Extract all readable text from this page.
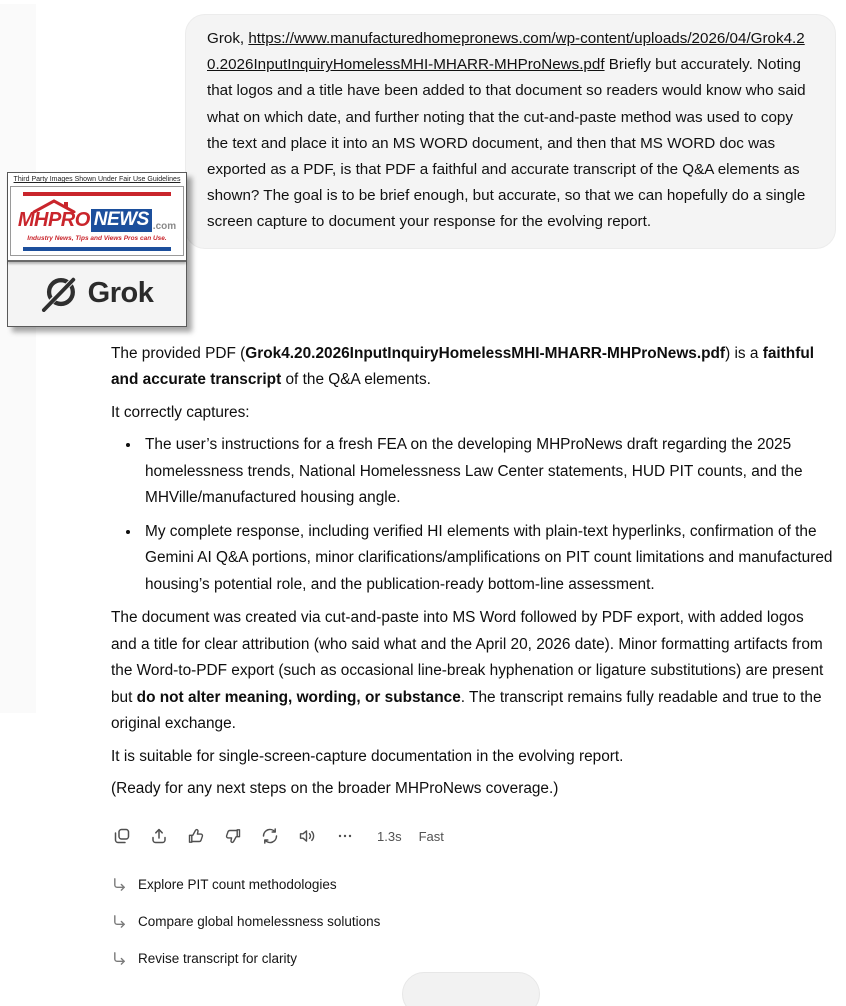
Grok, https://www.manufacturedhomepronews.com/wp-content/uploads/2026/04/Grok4.20.2026InputInquiryHomelessMHI-MHARR-MHProNews.pdf Briefly but accurately. Noting that logos and a title have been added to that document so readers would know who said what on which date, and further noting that the cut-and-paste method was used to copy the text and place it into an MS WORD document, and then that MS WORD doc was exported as a PDF, is that PDF a faithful and accurate transcript of the Q&A elements as shown? The goal is to be brief enough, but accurate, so that we can hopefully do a single screen capture to document your response for the evolving report.
Third Party Images Shown Under Fair Use Guidelines
MHPRO NEWS .com
Industry News, Tips and Views Pros can Use.
Grok

The provided PDF (Grok4.20.2026InputInquiryHomelessMHI-MHARR-MHProNews.pdf) is a faithful and accurate transcript of the Q&A elements.

It correctly captures:

• The user’s instructions for a fresh FEA on the developing MHProNews draft regarding the 2025 homelessness trends, National Homelessness Law Center statements, HUD PIT counts, and the MHVille/manufactured housing angle.
• My complete response, including verified HI elements with plain-text hyperlinks, confirmation of the Gemini AI Q&A portions, minor clarifications/amplifications on PIT count limitations and manufactured housing’s potential role, and the publication-ready bottom-line assessment.

The document was created via cut-and-paste into MS Word followed by PDF export, with added logos and a title for clear attribution (who said what and the April 20, 2026 date). Minor formatting artifacts from the Word-to-PDF export (such as occasional line-break hyphenation or ligature substitutions) are present but do not alter meaning, wording, or substance. The transcript remains fully readable and true to the original exchange.

It is suitable for single-screen-capture documentation in the evolving report.

(Ready for any next steps on the broader MHProNews coverage.)

1.3s Fast
Explore PIT count methodologies
Compare global homelessness solutions
Revise transcript for clarity
